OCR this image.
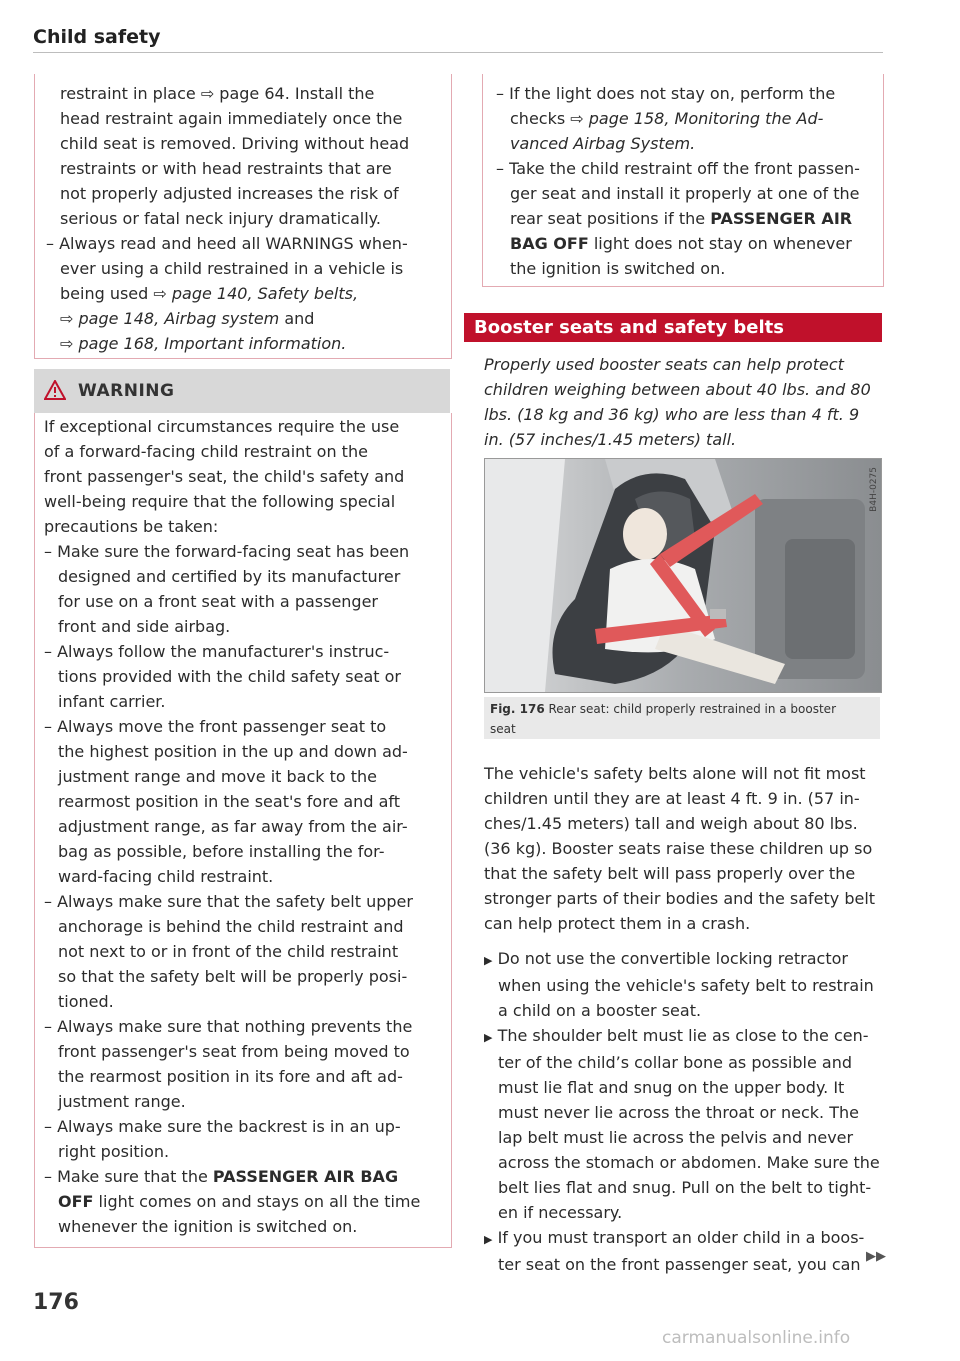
Child safety

restraint in place ⇨ page 64. Install the

head restraint again immediately once the

child seat is removed. Driving without head

restraints or with head restraints that are

not properly adjusted increases the risk of

serious or fatal neck injury dramatically.

– Always read and heed all WARNINGS when-

ever using a child restrained in a vehicle is

being used ⇨ page 140, Safety belts,

⇨ page 148, Airbag system and

⇨ page 168, Important information.

WARNING

If exceptional circumstances require the use

of a forward-facing child restraint on the

front passenger's seat, the child's safety and

well-being require that the following special

precautions be taken:

– Make sure the forward-facing seat has been

designed and certified by its manufacturer

for use on a front seat with a passenger

front and side airbag.

– Always follow the manufacturer's instruc-

tions provided with the child safety seat or

infant carrier.

– Always move the front passenger seat to

the highest position in the up and down ad-

justment range and move it back to the

rearmost position in the seat's fore and aft

adjustment range, as far away from the air-

bag as possible, before installing the for-

ward-facing child restraint.

– Always make sure that the safety belt upper

anchorage is behind the child restraint and

not next to or in front of the child restraint

so that the safety belt will be properly posi-

tioned.

– Always make sure that nothing prevents the

front passenger's seat from being moved to

the rearmost position in its fore and aft ad-

justment range.

– Always make sure the backrest is in an up-

right position.

– Make sure that the PASSENGER AIR BAG

OFF light comes on and stays on all the time

whenever the ignition is switched on.

176

– If the light does not stay on, perform the

checks ⇨ page 158, Monitoring the Ad-

vanced Airbag System.

– Take the child restraint off the front passen-

ger seat and install it properly at one of the

rear seat positions if the PASSENGER AIR

BAG OFF light does not stay on whenever

the ignition is switched on.

Booster seats and safety belts

Properly used booster seats can help protect

children weighing between about 40 lbs. and 80

lbs. (18 kg and 36 kg) who are less than 4 ft. 9

in. (57 inches/1.45 meters) tall.

B4H-0275
Fig. 176 Rear seat: child properly restrained in a booster
seat

The vehicle's safety belts alone will not fit most

children until they are at least 4 ft. 9 in. (57 in-

ches/1.45 meters) tall and weigh about 80 lbs.

(36 kg). Booster seats raise these children up so

that the safety belt will pass properly over the

stronger parts of their bodies and the safety belt

can help protect them in a crash.

▶ Do not use the convertible locking retractor

when using the vehicle's safety belt to restrain

a child on a booster seat.

▶ The shoulder belt must lie as close to the cen-

ter of the child’s collar bone as possible and

must lie flat and snug on the upper body. It

must never lie across the throat or neck. The

lap belt must lie across the pelvis and never

across the stomach or abdomen. Make sure the

belt lies flat and snug. Pull on the belt to tight-

en if necessary.

▶ If you must transport an older child in a boos-

ter seat on the front passenger seat, you can ▶▶
carmanualsonline.info
